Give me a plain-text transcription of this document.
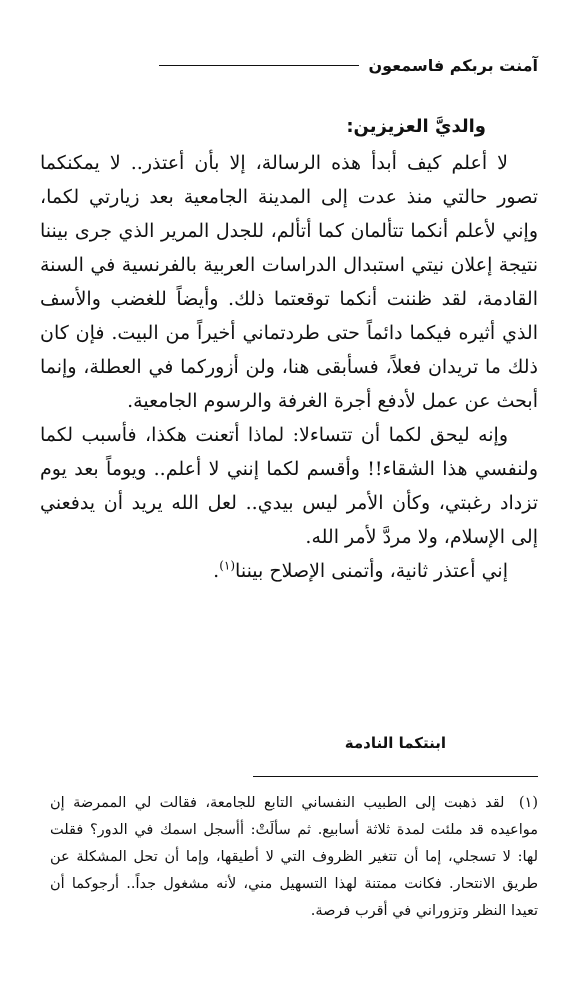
آمنت بربكم فاسمعون

والديَّ العزيزين:

لا أعلم كيف أبدأ هذه الرسالة، إلا بأن أعتذر.. لا يمكنكما تصور حالتي منذ عدت إلى المدينة الجامعية بعد زيارتي لكما، وإني لأعلم أنكما تتألمان كما أتألم، للجدل المرير الذي جرى بيننا نتيجة إعلان نيتي استبدال الدراسات العربية بالفرنسية في السنة القادمة، لقد ظننت أنكما توقعتما ذلك. وأيضاً للغضب والأسف الذي أثيره فيكما دائماً حتى طردتماني أخيراً من البيت. فإن كان ذلك ما تريدان فعلاً، فسأبقى هنا، ولن أزوركما في العطلة، وإنما أبحث عن عمل لأدفع أجرة الغرفة والرسوم الجامعية.

وإنه ليحق لكما أن تتساءلا: لماذا أتعنت هكذا، فأسبب لكما ولنفسي هذا الشقاء!! وأقسم لكما إنني لا أعلم.. ويوماً بعد يوم تزداد رغبتي، وكأن الأمر ليس بيدي.. لعل الله يريد أن يدفعني إلى الإسلام، ولا مردَّ لأمر الله.

إني أعتذر ثانية، وأتمنى الإصلاح بيننا$^{(١)}$.

ابنتكما النادمة
(١) لقد ذهبت إلى الطبيب النفساني التابع للجامعة، فقالت لي الممرضة إن مواعيده قد ملئت لمدة ثلاثة أسابيع. ثم سألَتْ: أأسجل اسمك في الدور؟ فقلت لها: لا تسجلي، إما أن تتغير الظروف التي لا أطيقها، وإما أن تحل المشكلة عن طريق الانتحار. فكانت ممتنة لهذا التسهيل مني، لأنه مشغول جداً.. أرجوكما أن تعيدا النظر وتزوراني في أقرب فرصة.
